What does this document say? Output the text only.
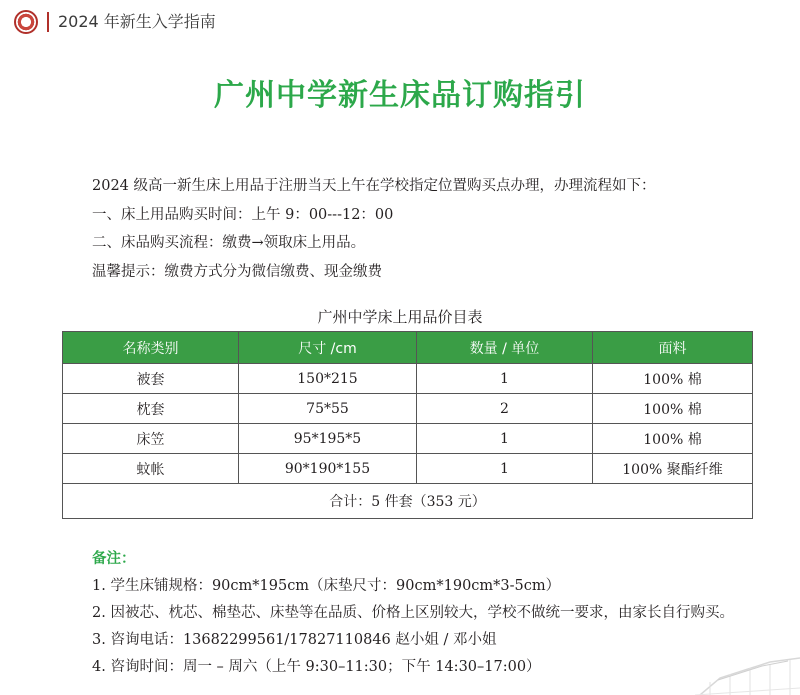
2024 年新生入学指南
广州中学新生床品订购指引

2024 级高一新生床上用品于注册当天上午在学校指定位置购买点办理，办理流程如下：

一、床上用品购买时间：上午 9：00---12：00

二、床品购买流程：缴费→领取床上用品。

温馨提示：缴费方式分为微信缴费、现金缴费

广州中学床上用品价目表
名称类别	尺寸 /cm	数量 / 单位	面料
被套	150*215	1	100% 棉
枕套	75*55	2	100% 棉
床笠	95*195*5	1	100% 棉
蚊帐	90*190*155	1	100% 聚酯纤维
合计：5 件套（353 元）			

备注：

1. 学生床铺规格：90cm*195cm（床垫尺寸：90cm*190cm*3-5cm）

2. 因被芯、枕芯、棉垫芯、床垫等在品质、价格上区别较大，学校不做统一要求，由家长自行购买。

3. 咨询电话：13682299561/17827110846 赵小姐 / 邓小姐

4. 咨询时间：周一 – 周六（上午 9:30–11:30；下午 14:30–17:00）
